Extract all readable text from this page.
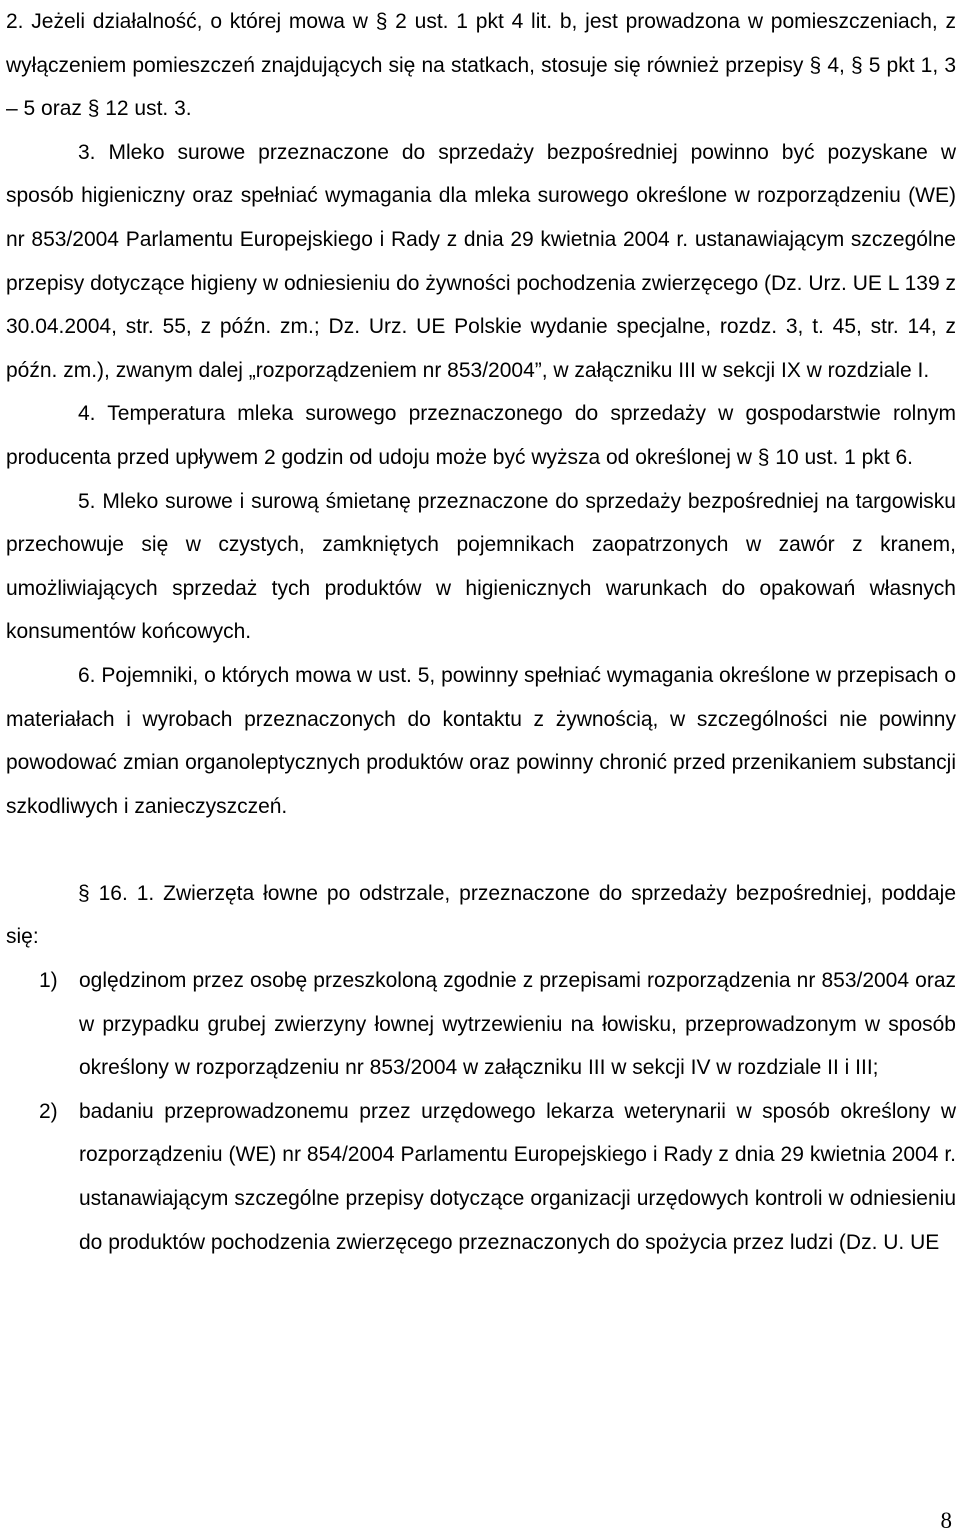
2. Jeżeli działalność, o której mowa w § 2 ust. 1 pkt 4 lit. b, jest prowadzona w pomieszczeniach, z wyłączeniem pomieszczeń znajdujących się na statkach, stosuje się również przepisy § 4, § 5 pkt 1, 3 – 5 oraz § 12 ust. 3.

3. Mleko surowe przeznaczone do sprzedaży bezpośredniej powinno być pozyskane w sposób higieniczny oraz spełniać wymagania dla mleka surowego określone w rozporządzeniu (WE) nr 853/2004 Parlamentu Europejskiego i Rady z dnia 29 kwietnia 2004 r. ustanawiającym szczególne przepisy dotyczące higieny w odniesieniu do żywności pochodzenia zwierzęcego (Dz. Urz. UE L 139 z 30.04.2004, str. 55, z późn. zm.; Dz. Urz. UE Polskie wydanie specjalne, rozdz. 3, t. 45, str. 14, z późn. zm.), zwanym dalej „rozporządzeniem nr 853/2004”, w załączniku III w sekcji IX w rozdziale I.

4. Temperatura mleka surowego przeznaczonego do sprzedaży w gospodarstwie rolnym producenta przed upływem 2 godzin od udoju może być wyższa od określonej w § 10 ust. 1 pkt 6.

5. Mleko surowe i surową śmietanę przeznaczone do sprzedaży bezpośredniej na targowisku przechowuje się w czystych, zamkniętych pojemnikach zaopatrzonych w zawór z kranem, umożliwiających sprzedaż tych produktów w higienicznych warunkach do opakowań własnych konsumentów końcowych.

6. Pojemniki, o których mowa w ust. 5, powinny spełniać wymagania określone w przepisach o materiałach i wyrobach przeznaczonych do kontaktu z żywnością, w szczególności nie powinny powodować zmian organoleptycznych produktów oraz powinny chronić przed przenikaniem substancji szkodliwych i zanieczyszczeń.

§ 16. 1. Zwierzęta łowne po odstrzale, przeznaczone do sprzedaży bezpośredniej, poddaje się:

1) oględzinom przez osobę przeszkoloną zgodnie z przepisami rozporządzenia nr 853/2004 oraz w przypadku grubej zwierzyny łownej wytrzewieniu na łowisku, przeprowadzonym w sposób określony w rozporządzeniu nr 853/2004 w załączniku III w sekcji IV w rozdziale II i III;
2) badaniu przeprowadzonemu przez urzędowego lekarza weterynarii w sposób określony w rozporządzeniu (WE) nr 854/2004 Parlamentu Europejskiego i Rady z dnia 29 kwietnia 2004 r. ustanawiającym szczególne przepisy dotyczące organizacji urzędowych kontroli w odniesieniu do produktów pochodzenia zwierzęcego przeznaczonych do spożycia przez ludzi (Dz. U. UE
8
